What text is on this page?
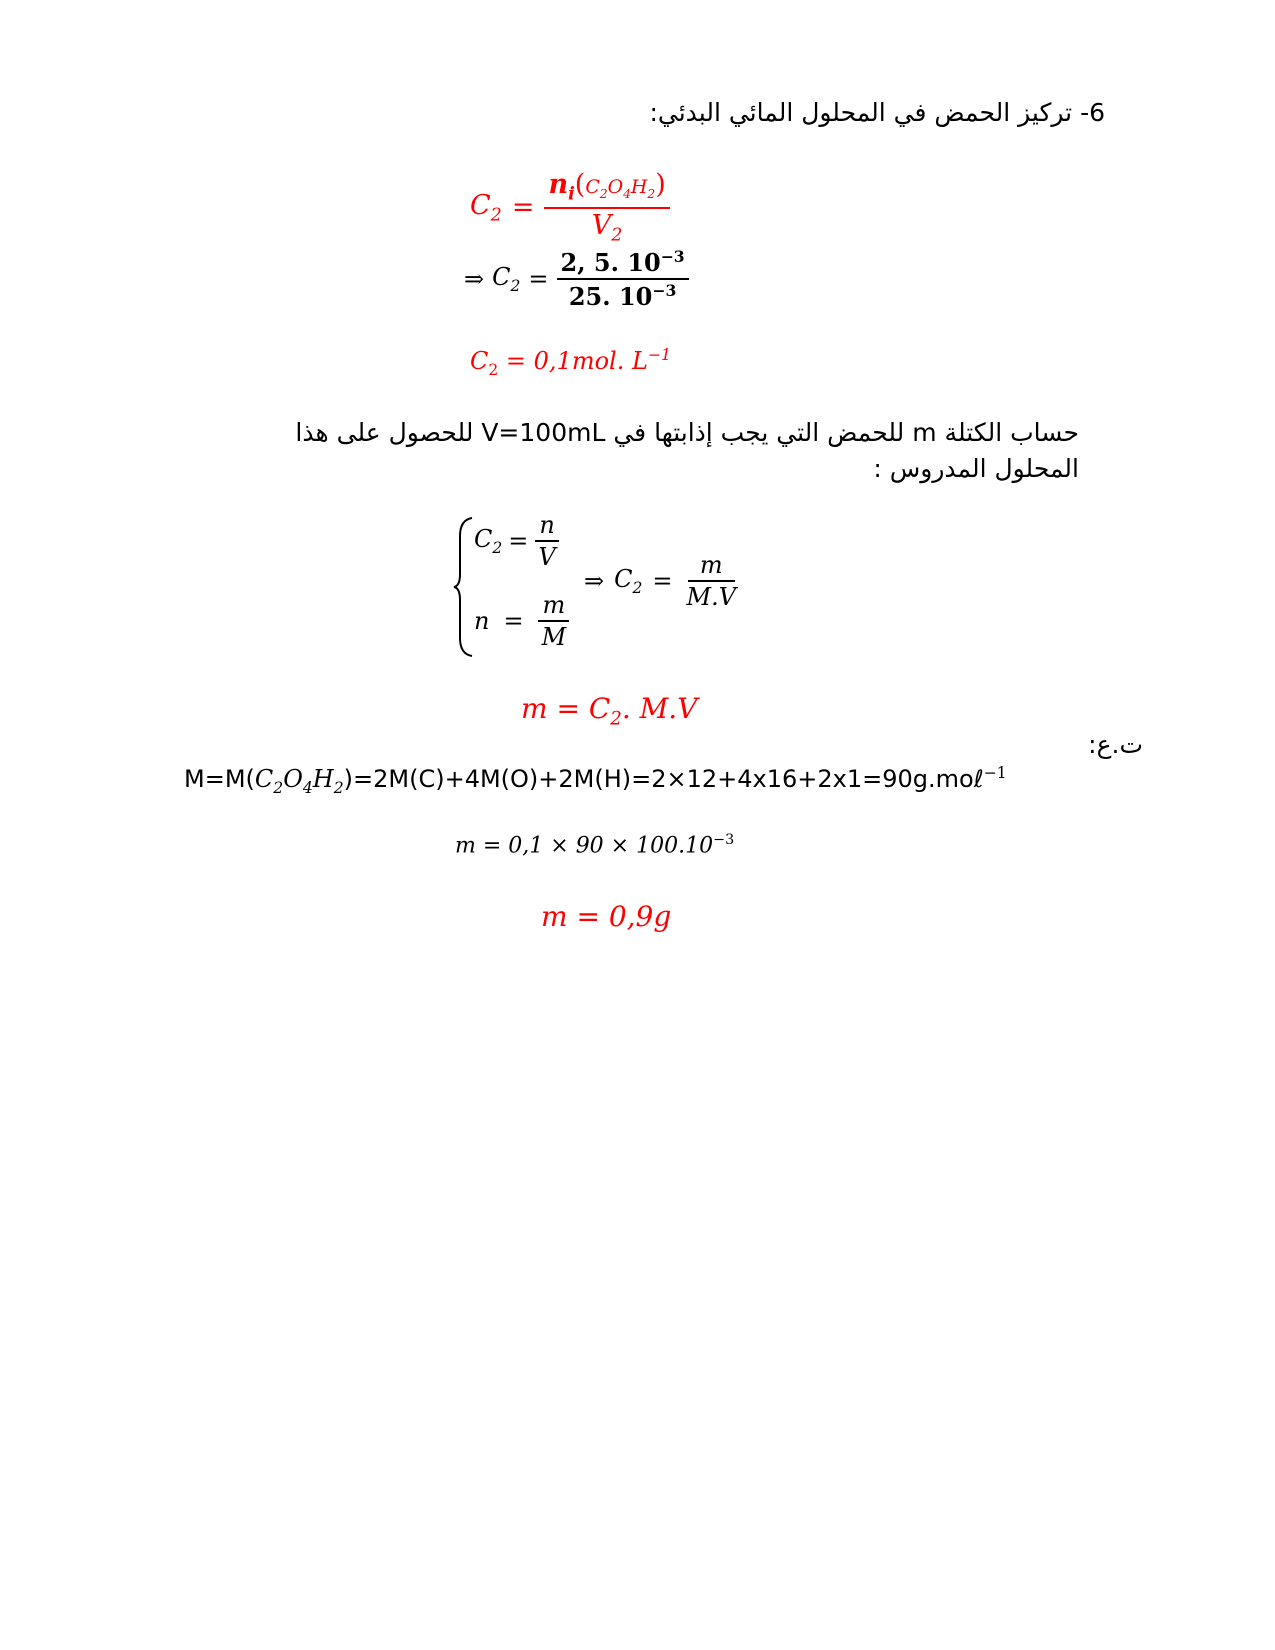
6- تركيز الحمض في المحلول المائي البدئي:
$C_2 = \frac{n_i(C_2O_4H_2)}{V_2}$
⇒ $C_2 = \frac{2, 5. 10^{-3}}{25. 10^{-3}}$
$C_2 = 0,1mol$. $L^{-1}$
حساب الكتلة m للحمض التي يجب إذابتها في V=100mL للحصول على هذا
المحلول المدروس :
$C_2 = \frac{n}{V}$
$n = \frac{m}{M}$
⇒ $C_2 = \frac{m}{M.V}$
$m = C_2$. M.V
ت.ع:
$M=M(C_2O_4H_2)=2M(C)+4M(O)+2M(H)=2\times 12+4x16+2x1=90g.mo\ell^{-1}$
$m = 0,1 \times 90 \times 100.10^{-3}$
m = 0,9g
